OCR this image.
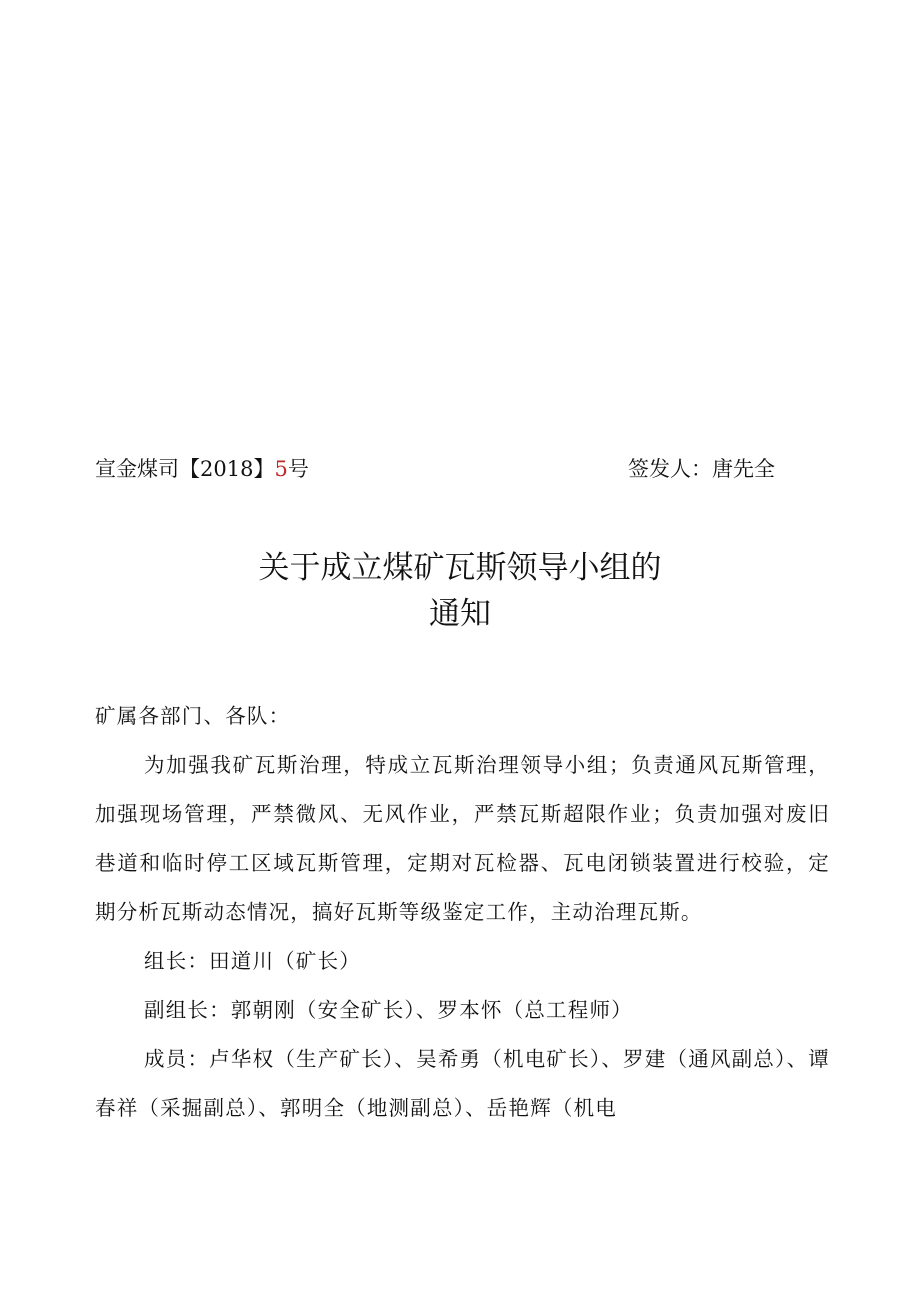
宣金煤司【2018】5号	签发人：唐先全
关于成立煤矿瓦斯领导小组的
通知

矿属各部门、各队：

为加强我矿瓦斯治理，特成立瓦斯治理领导小组；负责通风瓦斯管理，加强现场管理，严禁微风、无风作业，严禁瓦斯超限作业；负责加强对废旧巷道和临时停工区域瓦斯管理，定期对瓦检器、瓦电闭锁装置进行校验，定期分析瓦斯动态情况，搞好瓦斯等级鉴定工作，主动治理瓦斯。

组长：田道川（矿长）

副组长：郭朝刚（安全矿长）、罗本怀（总工程师）

成员：卢华权（生产矿长）、吴希勇（机电矿长）、罗建（通风副总）、谭春祥（采掘副总）、郭明全（地测副总）、岳艳辉（机电
